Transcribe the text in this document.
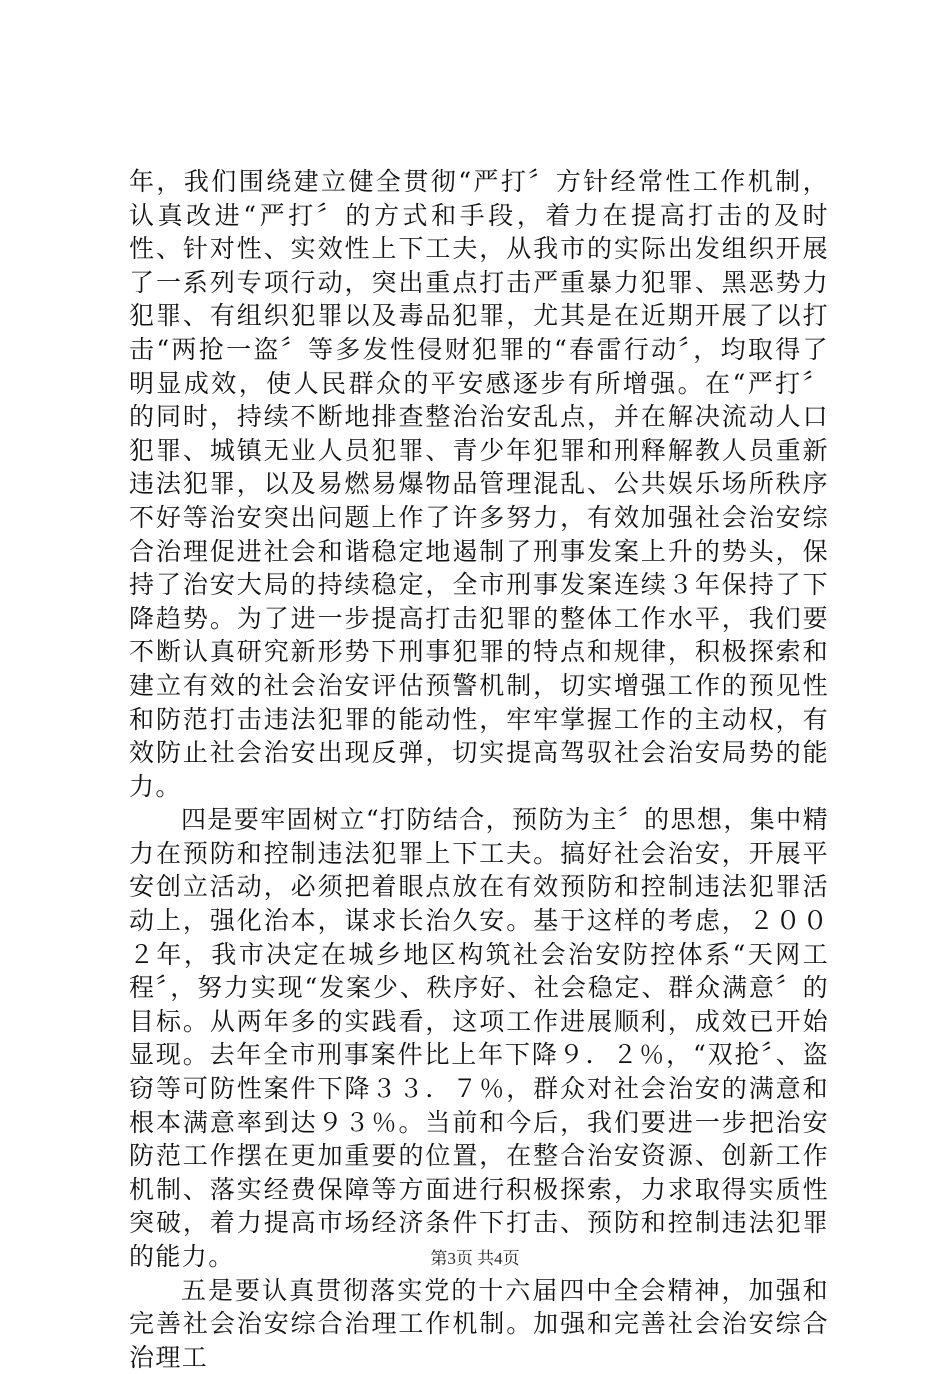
年，我们围绕建立健全贯彻“严打〞方针经常性工作机制，认真改进“严打〞的方式和手段，着力在提高打击的及时性、针对性、实效性上下工夫，从我市的实际出发组织开展了一系列专项行动，突出重点打击严重暴力犯罪、黑恶势力犯罪、有组织犯罪以及毒品犯罪，尤其是在近期开展了以打击“两抢一盗〞等多发性侵财犯罪的“春雷行动〞，均取得了明显成效，使人民群众的平安感逐步有所增强。在“严打〞的同时，持续不断地排查整治治安乱点，并在解决流动人口犯罪、城镇无业人员犯罪、青少年犯罪和刑释解教人员重新违法犯罪，以及易燃易爆物品管理混乱、公共娱乐场所秩序不好等治安突出问题上作了许多努力，有效加强社会治安综合治理促进社会和谐稳定地遏制了刑事发案上升的势头，保持了治安大局的持续稳定，全市刑事发案连续３年保持了下降趋势。为了进一步提高打击犯罪的整体工作水平，我们要不断认真研究新形势下刑事犯罪的特点和规律，积极探索和建立有效的社会治安评估预警机制，切实增强工作的预见性和防范打击违法犯罪的能动性，牢牢掌握工作的主动权，有效防止社会治安出现反弹，切实提高驾驭社会治安局势的能力。

四是要牢固树立“打防结合，预防为主〞的思想，集中精力在预防和控制违法犯罪上下工夫。搞好社会治安，开展平安创立活动，必须把着眼点放在有效预防和控制违法犯罪活动上，强化治本，谋求长治久安。基于这样的考虑，２００２年，我市决定在城乡地区构筑社会治安防控体系“天网工程〞，努力实现“发案少、秩序好、社会稳定、群众满意〞的目标。从两年多的实践看，这项工作进展顺利，成效已开始显现。去年全市刑事案件比上年下降９．２％，“双抢〞、盗窃等可防性案件下降３３．７％，群众对社会治安的满意和根本满意率到达９３％。当前和今后，我们要进一步把治安防范工作摆在更加重要的位置，在整合治安资源、创新工作机制、落实经费保障等方面进行积极探索，力求取得实质性突破，着力提高市场经济条件下打击、预防和控制违法犯罪的能力。

五是要认真贯彻落实党的十六届四中全会精神，加强和完善社会治安综合治理工作机制。加强和完善社会治安综合治理工

第3页 共4页
